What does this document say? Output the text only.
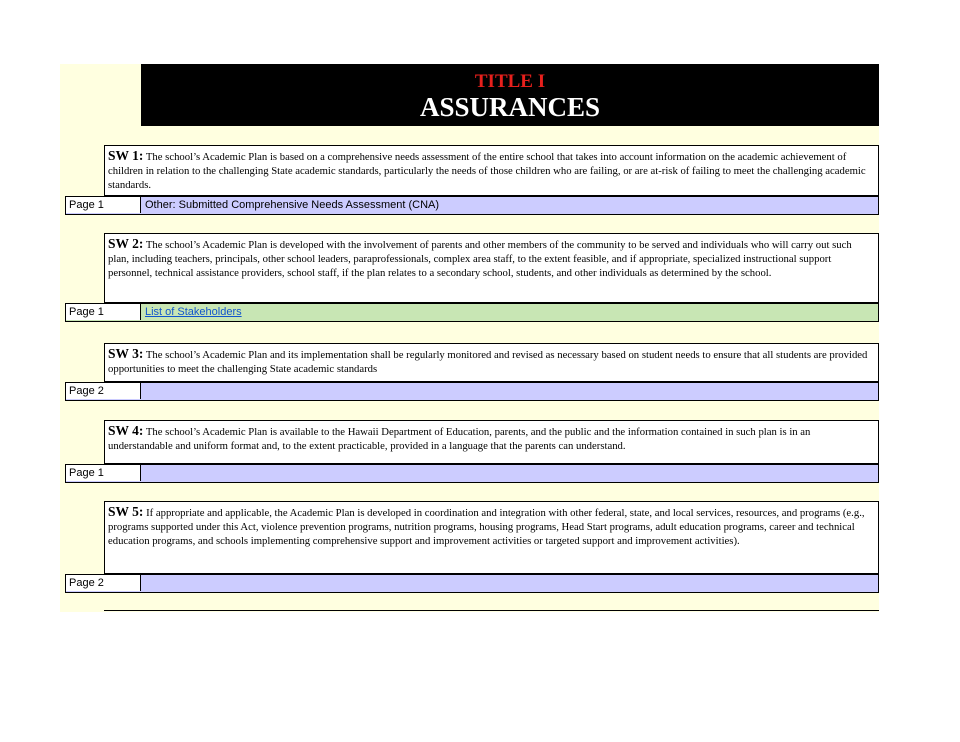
TITLE I
ASSURANCES
SW 1: The school’s Academic Plan is based on a comprehensive needs assessment of the entire school that takes into account information on the academic achievement of children in relation to the challenging State academic standards, particularly the needs of those children who are failing, or are at-risk of failing to meet the challenging academic standards.
Page 1	Other: Submitted Comprehensive Needs Assessment (CNA)
SW 2: The school’s Academic Plan is developed with the involvement of parents and other members of the community to be served and individuals who will carry out such plan, including teachers, principals, other school leaders, paraprofessionals, complex area staff, to the extent feasible, and if appropriate, specialized instructional support personnel, technical assistance providers, school staff, if the plan relates to a secondary school, students, and other individuals as determined by the school.
Page 1	List of Stakeholders
SW 3: The school’s Academic Plan and its implementation shall be regularly monitored and revised as necessary based on student needs to ensure that all students are provided opportunities to meet the challenging State academic standards
Page 2
SW 4: The school’s Academic Plan is available to the Hawaii Department of Education, parents, and the public and the information contained in such plan is in an understandable and uniform format and, to the extent practicable, provided in a language that the parents can understand.
Page 1
SW 5: If appropriate and applicable, the Academic Plan is developed in coordination and integration with other federal, state, and local services, resources, and programs (e.g., programs supported under this Act, violence prevention programs, nutrition programs, housing programs, Head Start programs, adult education programs, career and technical education programs, and schools implementing comprehensive support and improvement activities or targeted support and improvement activities).
Page 2
